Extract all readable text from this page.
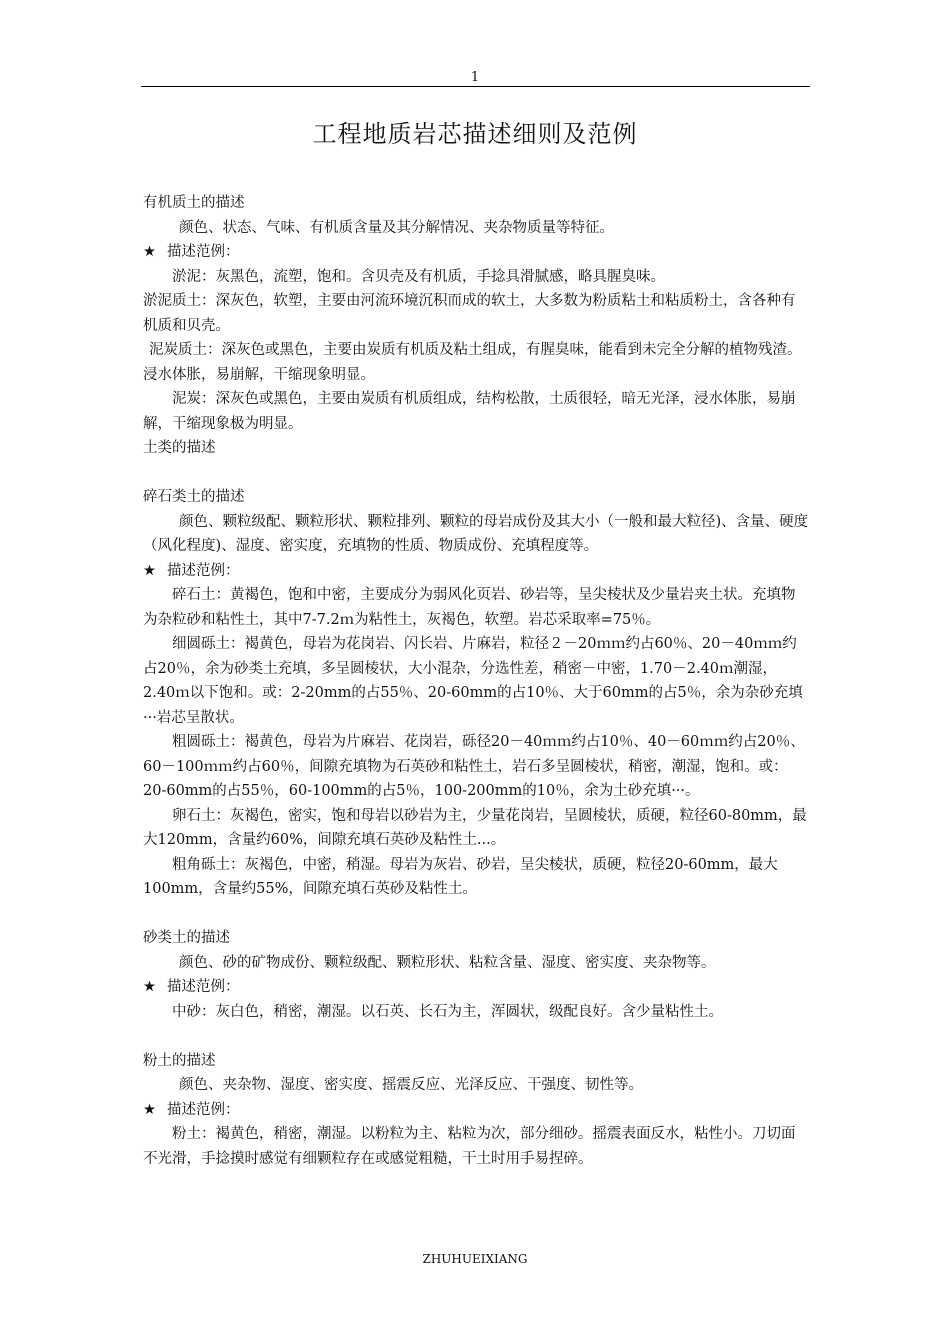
1
工程地质岩芯描述细则及范例

有机质土的描述

颜色、状态、气味、有机质含量及其分解情况、夹杂物质量等特征。

★ 描述范例：

淤泥：灰黑色，流塑，饱和。含贝壳及有机质，手捻具滑腻感，略具腥臭味。

淤泥质土：深灰色，软塑，主要由河流环境沉积而成的软土，大多数为粉质粘土和粘质粉土，含各种有机质和贝壳。

泥炭质土：深灰色或黑色，主要由炭质有机质及粘土组成，有腥臭味，能看到未完全分解的植物残渣。浸水体胀，易崩解，干缩现象明显。

泥炭：深灰色或黑色，主要由炭质有机质组成，结构松散，土质很轻，暗无光泽，浸水体胀，易崩解，干缩现象极为明显。

土类的描述

碎石类土的描述

颜色、颗粒级配、颗粒形状、颗粒排列、颗粒的母岩成份及其大小（一般和最大粒径)、含量、硬度（风化程度)、湿度、密实度，充填物的性质、物质成份、充填程度等。

★ 描述范例：

碎石土：黄褐色，饱和中密，主要成分为弱风化页岩、砂岩等，呈尖棱状及少量岩夹土状。充填物为杂粒砂和粘性土，其中7-7.2ｍ为粘性土，灰褐色，软塑。岩芯采取率=75％。

细圆砾土：褐黄色，母岩为花岗岩、闪长岩、片麻岩，粒径２－20ｍｍ约占60％、20－40ｍｍ约占20％，余为砂类土充填，多呈圆棱状，大小混杂，分选性差，稍密－中密，1.70－2.40ｍ潮湿，2.40ｍ以下饱和。或：2-20mm的占55％、20-60mm的占10％、大于60mm的占5％，余为杂砂充填···岩芯呈散状。

粗圆砾土：褐黄色，母岩为片麻岩、花岗岩，砾径20－40ｍｍ约占10％、40－60ｍｍ约占20％、60－100ｍｍ约占60％，间隙充填物为石英砂和粘性土，岩石多呈圆棱状，稍密，潮湿，饱和。或：20-60mm的占55％，60-100mm的占5％，100-200mm的10％，余为土砂充填···。

卵石土：灰褐色，密实，饱和母岩以砂岩为主，少量花岗岩，呈圆棱状，质硬，粒径60-80mm，最大120mm，含量约60%，间隙充填石英砂及粘性土...。

粗角砾土：灰褐色，中密，稍湿。母岩为灰岩、砂岩，呈尖棱状，质硬，粒径20-60mm，最大100mm，含量约55%，间隙充填石英砂及粘性土。

砂类土的描述

颜色、砂的矿物成份、颗粒级配、颗粒形状、粘粒含量、湿度、密实度、夹杂物等。

★ 描述范例：

中砂：灰白色，稍密，潮湿。以石英、长石为主，浑圆状，级配良好。含少量粘性土。

粉土的描述

颜色、夹杂物、湿度、密实度、摇震反应、光泽反应、干强度、韧性等。

★ 描述范例：

粉土：褐黄色，稍密，潮湿。以粉粒为主、粘粒为次，部分细砂。摇震表面反水，粘性小。刀切面不光滑，手捻摸时感觉有细颗粒存在或感觉粗糙，干土时用手易捏碎。

ZHUHUEIXIANG
